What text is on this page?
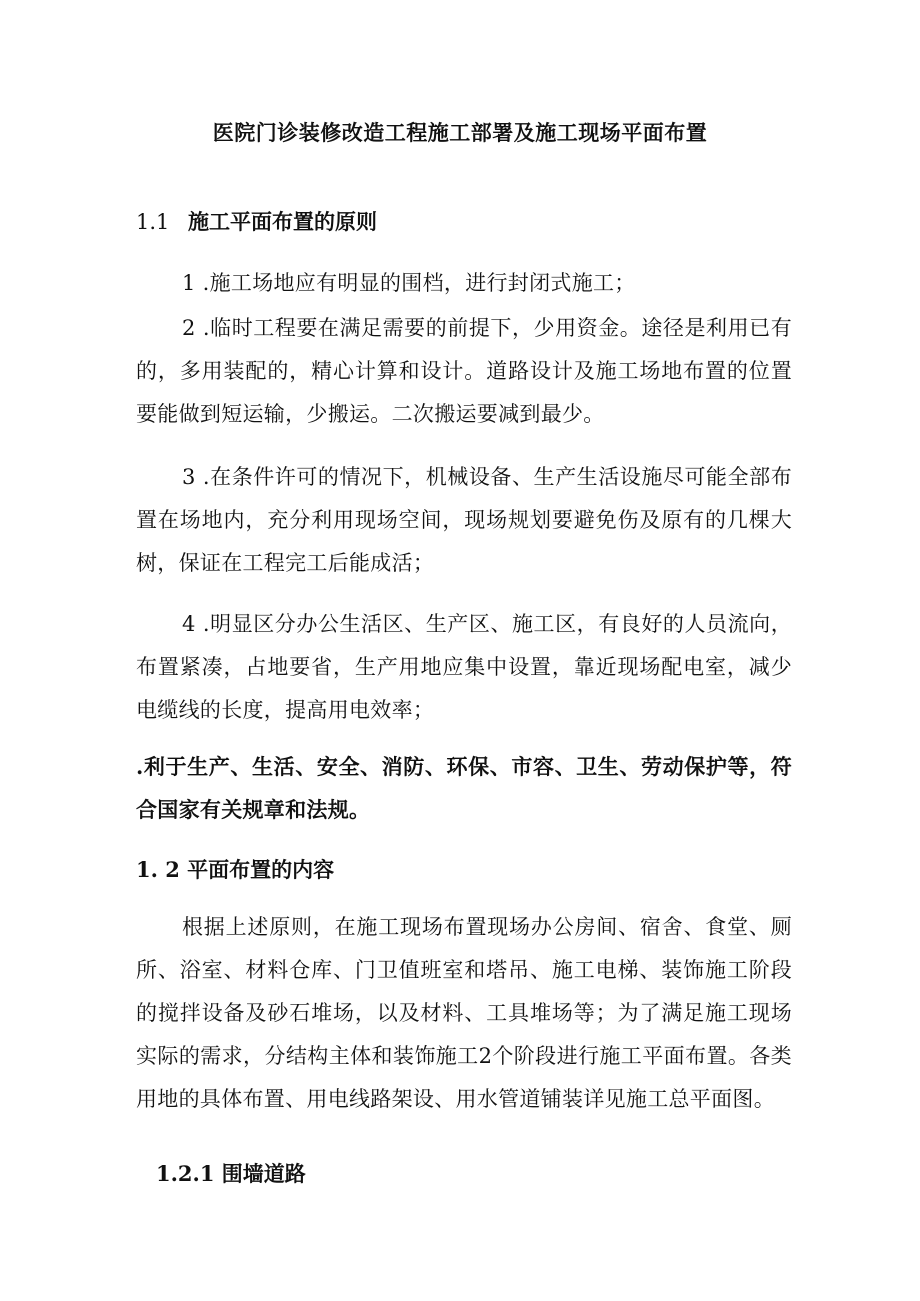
医院门诊装修改造工程施工部署及施工现场平面布置
1.1 施工平面布置的原则
1 .施工场地应有明显的围档，进行封闭式施工；
2 .临时工程要在满足需要的前提下，少用资金。途径是利用已有的，多用装配的，精心计算和设计。道路设计及施工场地布置的位置要能做到短运输，少搬运。二次搬运要减到最少。
3 .在条件许可的情况下，机械设备、生产生活设施尽可能全部布置在场地内，充分利用现场空间，现场规划要避免伤及原有的几棵大树，保证在工程完工后能成活；
4 .明显区分办公生活区、生产区、施工区，有良好的人员流向，布置紧凑，占地要省，生产用地应集中设置，靠近现场配电室，减少电缆线的长度，提高用电效率；
.利于生产、生活、安全、消防、环保、市容、卫生、劳动保护等，符合国家有关规章和法规。
1. 2 平面布置的内容
根据上述原则，在施工现场布置现场办公房间、宿舍、食堂、厕所、浴室、材料仓库、门卫值班室和塔吊、施工电梯、装饰施工阶段的搅拌设备及砂石堆场，以及材料、工具堆场等；为了满足施工现场实际的需求，分结构主体和装饰施工2个阶段进行施工平面布置。各类用地的具体布置、用电线路架设、用水管道铺装详见施工总平面图。
1.2.1 围墙道路
